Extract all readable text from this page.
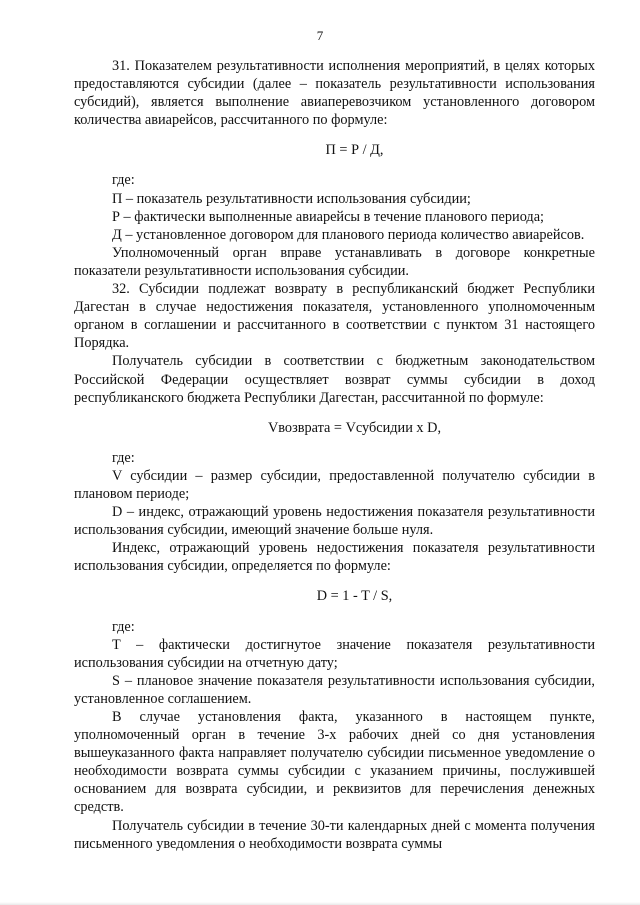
7

31. Показателем результативности исполнения мероприятий, в целях которых предоставляются субсидии (далее – показатель результативности использования субсидий), является выполнение авиаперевозчиком установленного договором количества авиарейсов, рассчитанного по формуле:

П = Р / Д,

где:

П – показатель результативности использования субсидии;

Р – фактически выполненные авиарейсы в течение планового периода;

Д – установленное договором для планового периода количество авиарейсов.

Уполномоченный орган вправе устанавливать в договоре конкретные показатели результативности использования субсидии.

32. Субсидии подлежат возврату в республиканский бюджет Республики Дагестан в случае недостижения показателя, установленного уполномоченным органом в соглашении и рассчитанного в соответствии с пунктом 31 настоящего Порядка.

Получатель субсидии в соответствии с бюджетным законодательством Российской Федерации осуществляет возврат суммы субсидии в доход республиканского бюджета Республики Дагестан, рассчитанной по формуле:

Vвозврата = Vсубсидии x D,

где:

V субсидии – размер субсидии, предоставленной получателю субсидии в плановом периоде;

D – индекс, отражающий уровень недостижения показателя результативности использования субсидии, имеющий значение больше нуля.

Индекс, отражающий уровень недостижения показателя результативности использования субсидии, определяется по формуле:

D = 1 - T / S,

где:

T – фактически достигнутое значение показателя результативности использования субсидии на отчетную дату;

S – плановое значение показателя результативности использования субсидии, установленное соглашением.

В случае установления факта, указанного в настоящем пункте, уполномоченный орган в течение 3-х рабочих дней со дня установления вышеуказанного факта направляет получателю субсидии письменное уведомление о необходимости возврата суммы субсидии с указанием причины, послужившей основанием для возврата субсидии, и реквизитов для перечисления денежных средств.

Получатель субсидии в течение 30-ти календарных дней с момента получения письменного уведомления о необходимости возврата суммы
